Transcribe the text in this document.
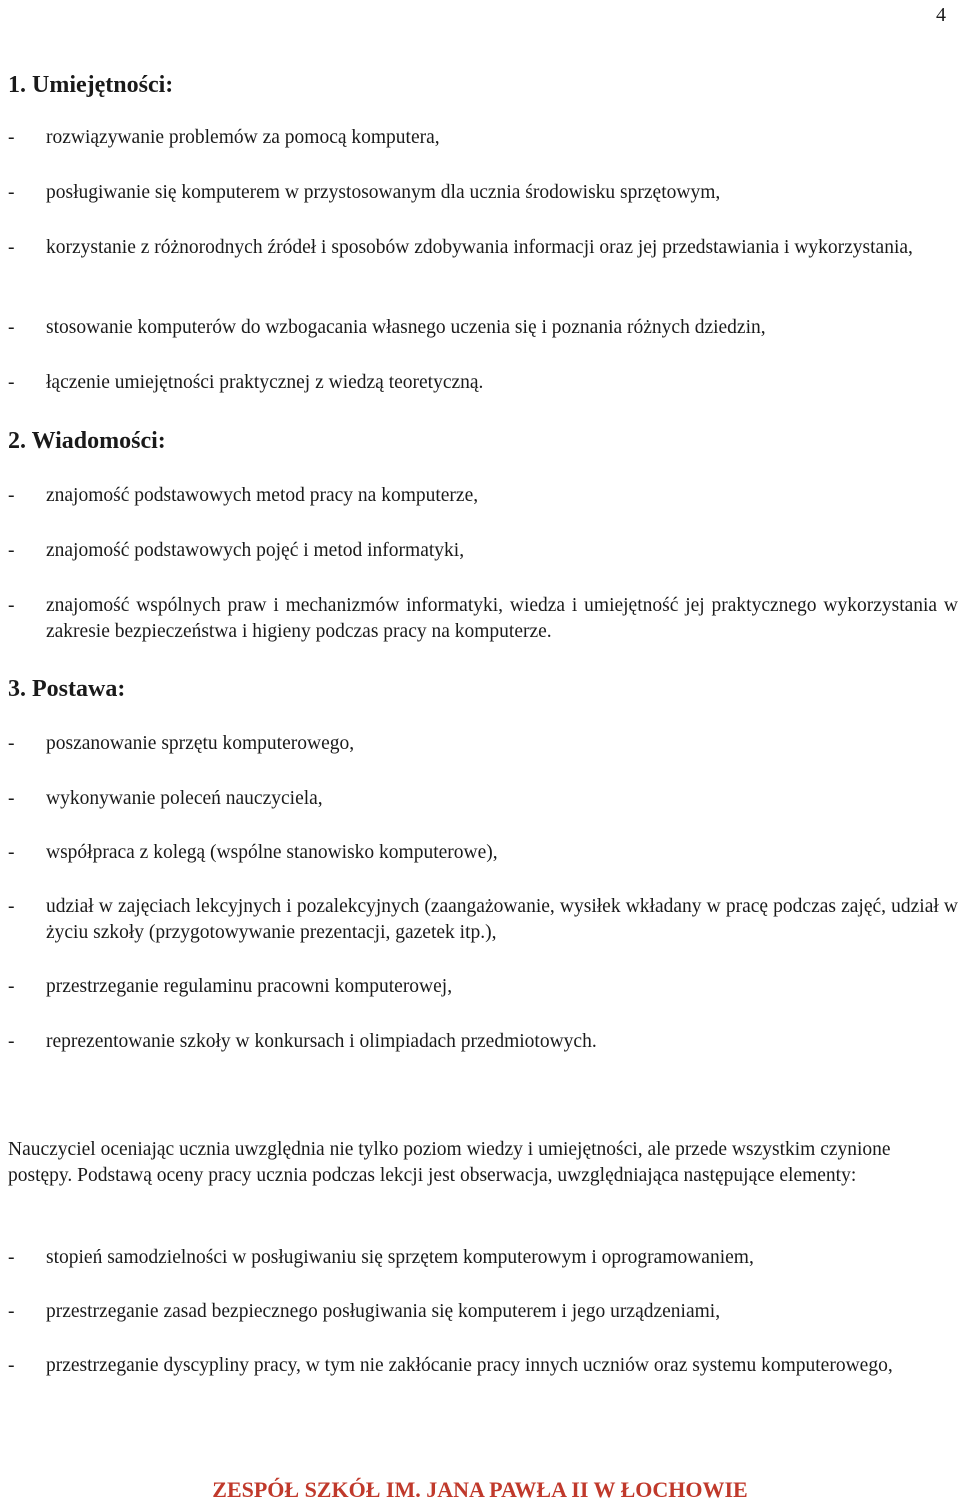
4
1. Umiejętności:
- rozwiązywanie problemów za pomocą komputera,
- posługiwanie się komputerem w przystosowanym dla ucznia środowisku sprzętowym,
- korzystanie z różnorodnych źródeł i sposobów zdobywania informacji oraz jej przedstawiania i wykorzystania,
- stosowanie komputerów do wzbogacania własnego uczenia się i poznania różnych dziedzin,
- łączenie umiejętności praktycznej z wiedzą teoretyczną.
2. Wiadomości:
- znajomość podstawowych metod pracy na komputerze,
- znajomość podstawowych pojęć i metod informatyki,
- znajomość wspólnych praw i mechanizmów informatyki, wiedza i umiejętność jej praktycznego wykorzystania w zakresie bezpieczeństwa i higieny podczas pracy na komputerze.
3. Postawa:
- poszanowanie sprzętu komputerowego,
- wykonywanie poleceń nauczyciela,
- współpraca z kolegą (wspólne stanowisko komputerowe),
- udział w zajęciach lekcyjnych i pozalekcyjnych (zaangażowanie, wysiłek wkładany w pracę podczas zajęć, udział w życiu szkoły (przygotowywanie prezentacji, gazetek itp.),
- przestrzeganie regulaminu pracowni komputerowej,
- reprezentowanie szkoły w konkursach i olimpiadach przedmiotowych.
Nauczyciel oceniając ucznia uwzględnia nie tylko poziom wiedzy i umiejętności, ale przede wszystkim czynione postępy. Podstawą oceny pracy ucznia podczas lekcji jest obserwacja, uwzględniająca następujące elementy:
- stopień samodzielności w posługiwaniu się sprzętem komputerowym i oprogramowaniem,
- przestrzeganie zasad bezpiecznego posługiwania się komputerem i jego urządzeniami,
- przestrzeganie dyscypliny pracy, w tym nie zakłócanie pracy innych uczniów oraz systemu komputerowego,
ZESPÓŁ SZKÓŁ IM. JANA PAWŁA II W ŁOCHOWIE
